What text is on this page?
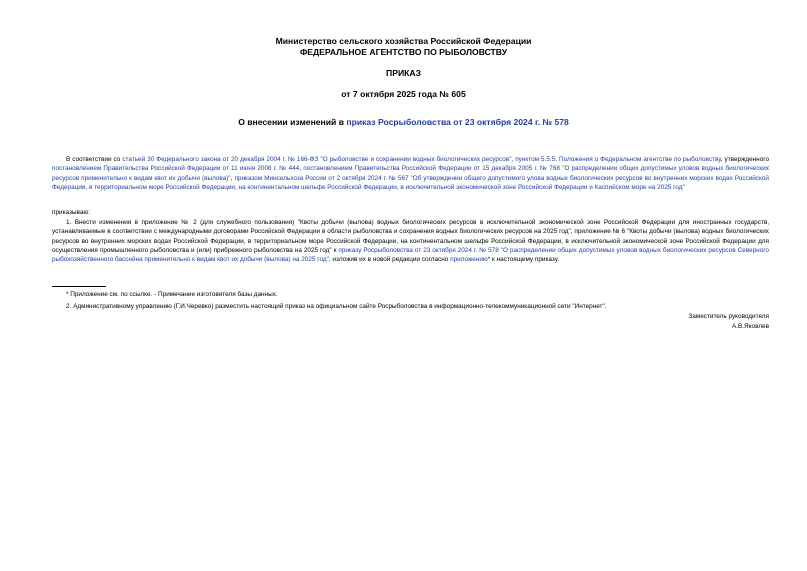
Министерство сельского хозяйства Российской Федерации
ФЕДЕРАЛЬНОЕ АГЕНТСТВО ПО РЫБОЛОВСТВУ
ПРИКАЗ
от 7 октября 2025 года № 605
О внесении изменений в приказ Росрыболовства от 23 октября 2024 г. № 578
В соответствии со статьей 30 Федерального закона от 20 декабря 2004 г. № 166-ФЗ "О рыболовстве и сохранении водных биологических ресурсов", пунктом 5.5.5. Положения о Федеральном агентстве по рыболовству, утвержденного постановлением Правительства Российской Федерации от 11 июня 2008 г. № 444, постановлением Правительства Российской Федерации от 15 декабря 2005 г. № 768 "О распределении общих допустимых уловов водных биологических ресурсов применительно к видам квот их добычи (вылова)", приказом Минсельхоза России от 2 октября 2024 г. № 567 "Об утверждении общего допустимого улова водных биологических ресурсов во внутренних морских водах Российской Федерации, в территориальном море Российской Федерации, на континентальном шельфе Российской Федерации, в исключительной экономической зоне Российской Федерации и Каспийском море на 2025 год"
приказываю:
1. Внести изменения в приложение № 2 (для служебного пользования) "Квоты добычи (вылова) водных биологических ресурсов в исключительной экономической зоне Российской Федерации для иностранных государств, устанавливаемые в соответствии с международными договорами Российской Федерации в области рыболовства и сохранения водных биологических ресурсов на 2025 год", приложение № 6 "Квоты добычи (вылова) водных биологических ресурсов во внутренних морских водах Российской Федерации, в территориальном море Российской Федерации, на континентальном шельфе Российской Федерации, в исключительной экономической зоне Российской Федерации для осуществления промышленного рыболовства и (или) прибрежного рыболовства на 2025 год" к приказу Росрыболовства от 23 октября 2024 г. № 578 "О распределении общих допустимых уловов водных биологических ресурсов Северного рыбохозяйственного бассейна применительно к видам квот их добычи (вылова) на 2025 год", изложив их в новой редакции согласно приложению* к настоящему приказу.
* Приложение см. по ссылке. - Примечание изготовителя базы данных.
2. Административному управлению (Г.И.Черевко) разместить настоящий приказ на официальном сайте Росрыболовства в информационно-телекоммуникационной сети "Интернет".
Заместитель руководителя
А.В.Яковлев
